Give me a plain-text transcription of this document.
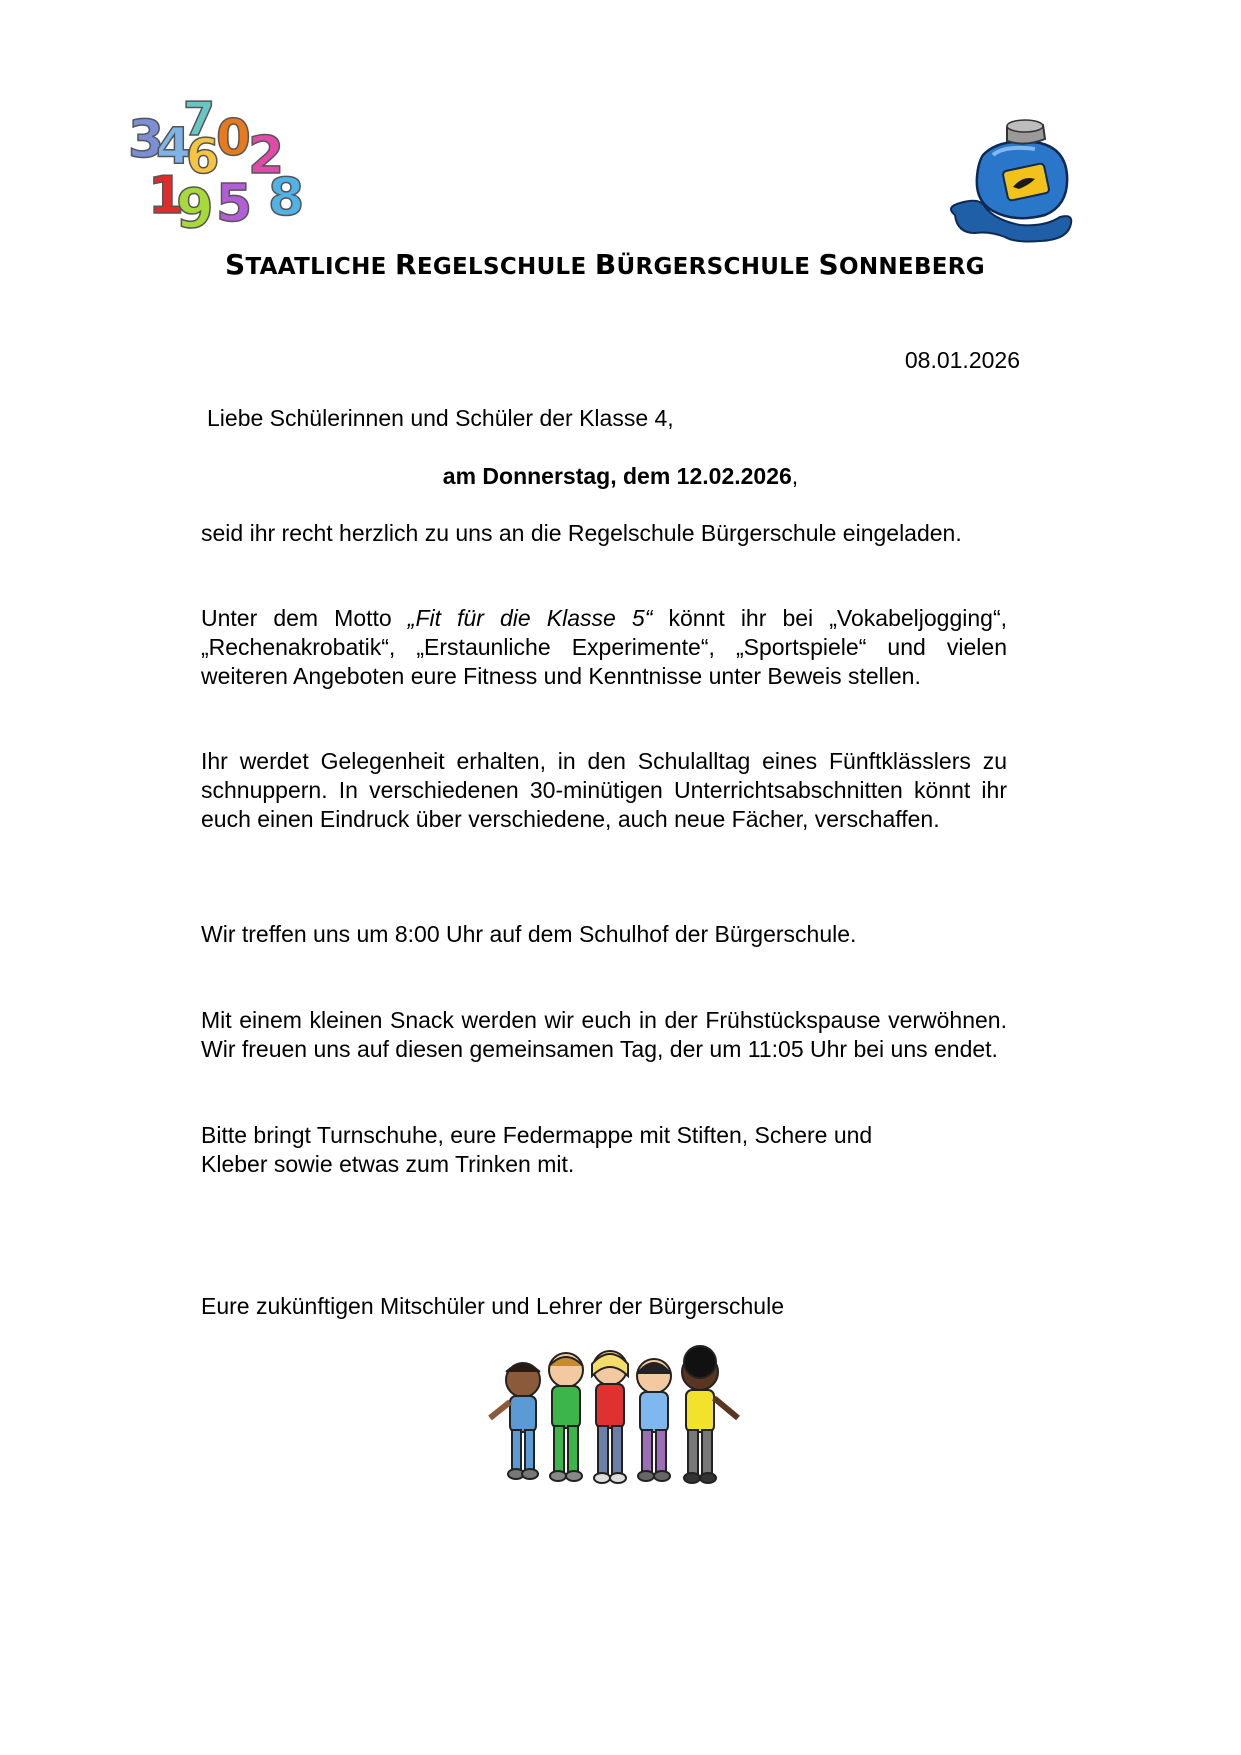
3
4
7
6
0
2
1
9 5 8
STAATLICHE REGELSCHULE BÜRGERSCHULE SONNEBERG
08.01.2026
Liebe Schülerinnen und Schüler der Klasse 4,
am Donnerstag, dem 12.02.2026,
seid ihr recht herzlich zu uns an die Regelschule Bürgerschule eingeladen.
Unter dem Motto „Fit für die Klasse 5“ könnt ihr bei „Vokabeljogging“, „Rechenakrobatik“, „Erstaunliche Experimente“, „Sportspiele“ und vielen weiteren Angeboten eure Fitness und Kenntnisse unter Beweis stellen.
Ihr werdet Gelegenheit erhalten, in den Schulalltag eines Fünftklässlers zu schnuppern. In verschiedenen 30-minütigen Unterrichtsabschnitten könnt ihr euch einen Eindruck über verschiedene, auch neue Fächer, verschaffen.
Wir treffen uns um 8:00 Uhr auf dem Schulhof der Bürgerschule.
Mit einem kleinen Snack werden wir euch in der Frühstückspause verwöhnen. Wir freuen uns auf diesen gemeinsamen Tag, der um 11:05 Uhr bei uns endet.
Bitte bringt Turnschuhe, eure Federmappe mit Stiften, Schere und Kleber sowie etwas zum Trinken mit.
Eure zukünftigen Mitschüler und Lehrer der Bürgerschule
